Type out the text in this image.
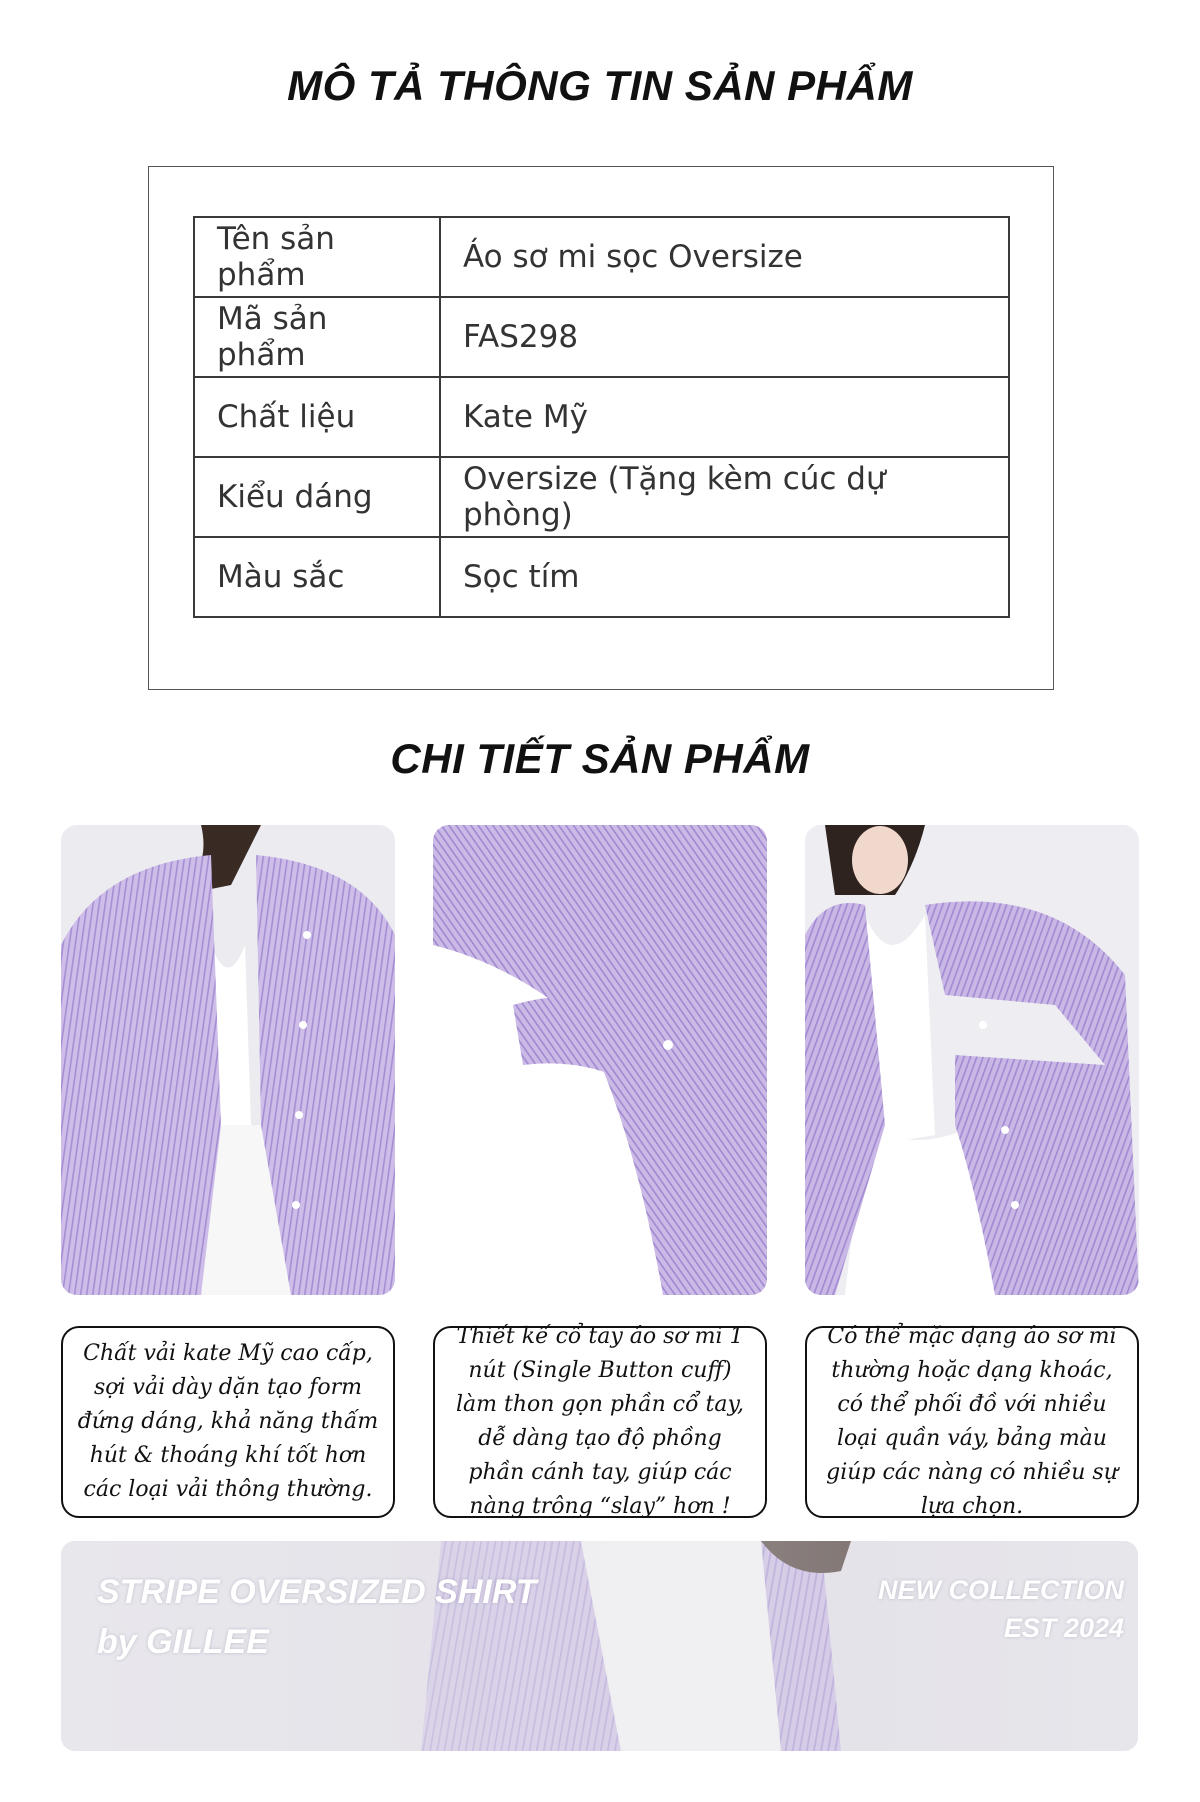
MÔ TẢ THÔNG TIN SẢN PHẨM
Tên sản phẩm	Áo sơ mi sọc Oversize
Mã sản phẩm	FAS298
Chất liệu	Kate Mỹ
Kiểu dáng	Oversize (Tặng kèm cúc dự phòng)
Màu sắc	Sọc tím
CHI TIẾT SẢN PHẨM
Chất vải kate Mỹ cao cấp, sợi vải dày dặn tạo form đứng dáng, khả năng thấm hút & thoáng khí tốt hơn các loại vải thông thường.
Thiết kế cổ tay áo sơ mi 1 nút (Single Button cuff) làm thon gọn phần cổ tay, dễ dàng tạo độ phồng phần cánh tay, giúp các nàng trông “slay” hơn !
Có thể mặc dạng áo sơ mi thường hoặc dạng khoác, có thể phối đồ với nhiều loại quần váy, bảng màu giúp các nàng có nhiều sự lựa chọn.
STRIPE OVERSIZED SHIRT
by GILLEE
NEW COLLECTION
EST 2024
